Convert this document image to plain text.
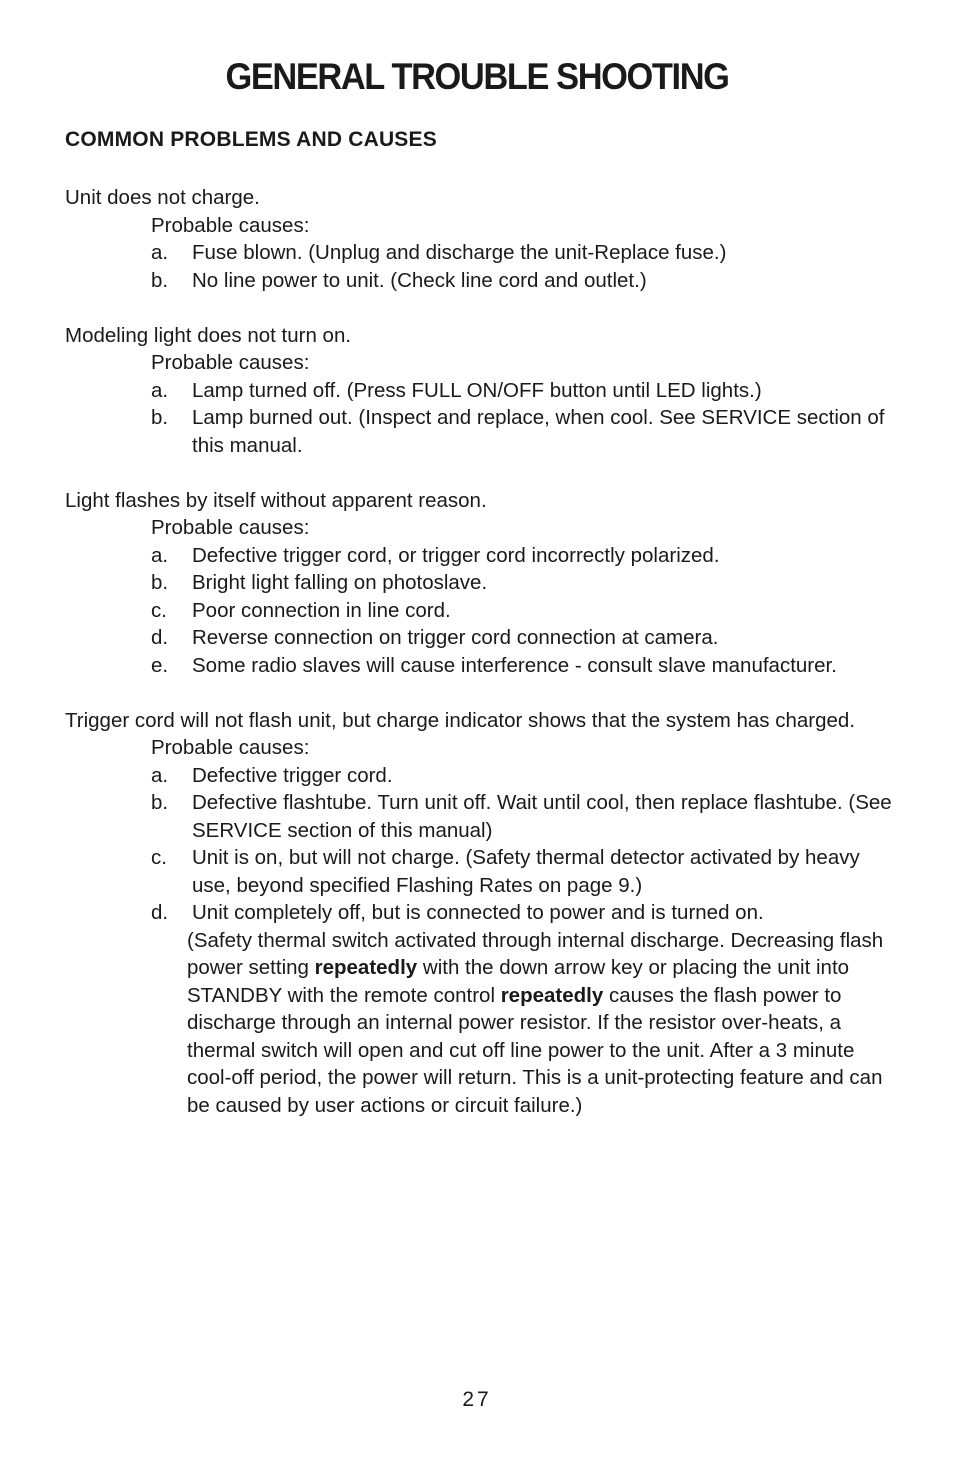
GENERAL TROUBLE SHOOTING
COMMON PROBLEMS AND CAUSES

Unit does not charge.

Probable causes:
a.	Fuse blown. (Unplug and discharge the unit-Replace fuse.)
b.	No line power to unit. (Check line cord and outlet.)

Modeling light does not turn on.

Probable causes:
a.	Lamp turned off. (Press FULL ON/OFF button until LED lights.)
b.	Lamp burned out. (Inspect and replace, when cool. See SERVICE section of this manual.

Light flashes by itself without apparent reason.

Probable causes:
a.	Defective trigger cord, or trigger cord incorrectly polarized.
b.	Bright light falling on photoslave.
c.	Poor connection in line cord.
d.	Reverse connection on trigger cord connection at camera.
e.	Some radio slaves will cause interference - consult slave manufacturer.

Trigger cord will not flash unit, but charge indicator shows that the system has charged.

Probable causes:
a.	Defective trigger cord.
b.	Defective flashtube. Turn unit off. Wait until cool, then replace flashtube. (See SERVICE section of this manual)
c.	Unit is on, but will not charge. (Safety thermal detector activated by heavy use, beyond specified Flashing Rates on page 9.)
d.	Unit completely off, but is connected to power and is turned on.
(Safety thermal switch activated through internal discharge. Decreasing flash power setting repeatedly with the down arrow key or placing the unit into STANDBY with the remote control repeatedly causes the flash power to discharge through an internal power resistor. If the resistor over-heats, a thermal switch will open and cut off line power to the unit. After a 3 minute cool-off period, the power will return. This is a unit-protecting feature and can be caused by user actions or circuit failure.)
27
